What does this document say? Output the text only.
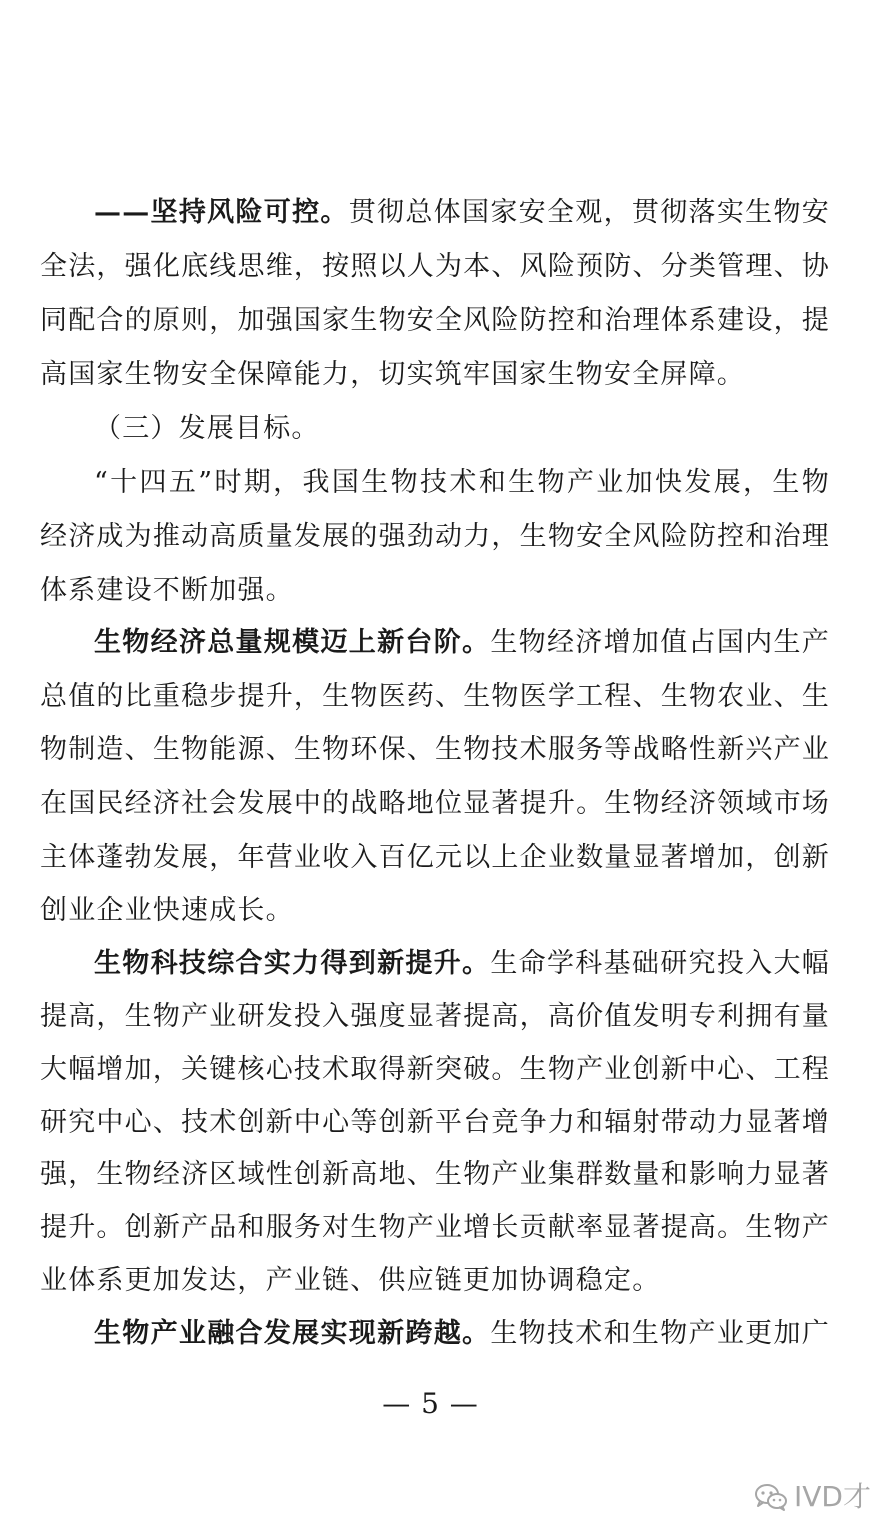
——坚持风险可控。贯彻总体国家安全观，贯彻落实生物安
全法，强化底线思维，按照以人为本、风险预防、分类管理、协
同配合的原则，加强国家生物安全风险防控和治理体系建设，提
高国家生物安全保障能力，切实筑牢国家生物安全屏障。
（三）发展目标。
“十四五”时期，我国生物技术和生物产业加快发展，生物
经济成为推动高质量发展的强劲动力，生物安全风险防控和治理
体系建设不断加强。
生物经济总量规模迈上新台阶。生物经济增加值占国内生产
总值的比重稳步提升，生物医药、生物医学工程、生物农业、生
物制造、生物能源、生物环保、生物技术服务等战略性新兴产业
在国民经济社会发展中的战略地位显著提升。生物经济领域市场
主体蓬勃发展，年营业收入百亿元以上企业数量显著增加，创新
创业企业快速成长。
生物科技综合实力得到新提升。生命学科基础研究投入大幅
提高，生物产业研发投入强度显著提高，高价值发明专利拥有量
大幅增加，关键核心技术取得新突破。生物产业创新中心、工程
研究中心、技术创新中心等创新平台竞争力和辐射带动力显著增
强，生物经济区域性创新高地、生物产业集群数量和影响力显著
提升。创新产品和服务对生物产业增长贡献率显著提高。生物产
业体系更加发达，产业链、供应链更加协调稳定。
生物产业融合发展实现新跨越。生物技术和生物产业更加广
— 5 —
IVD才
